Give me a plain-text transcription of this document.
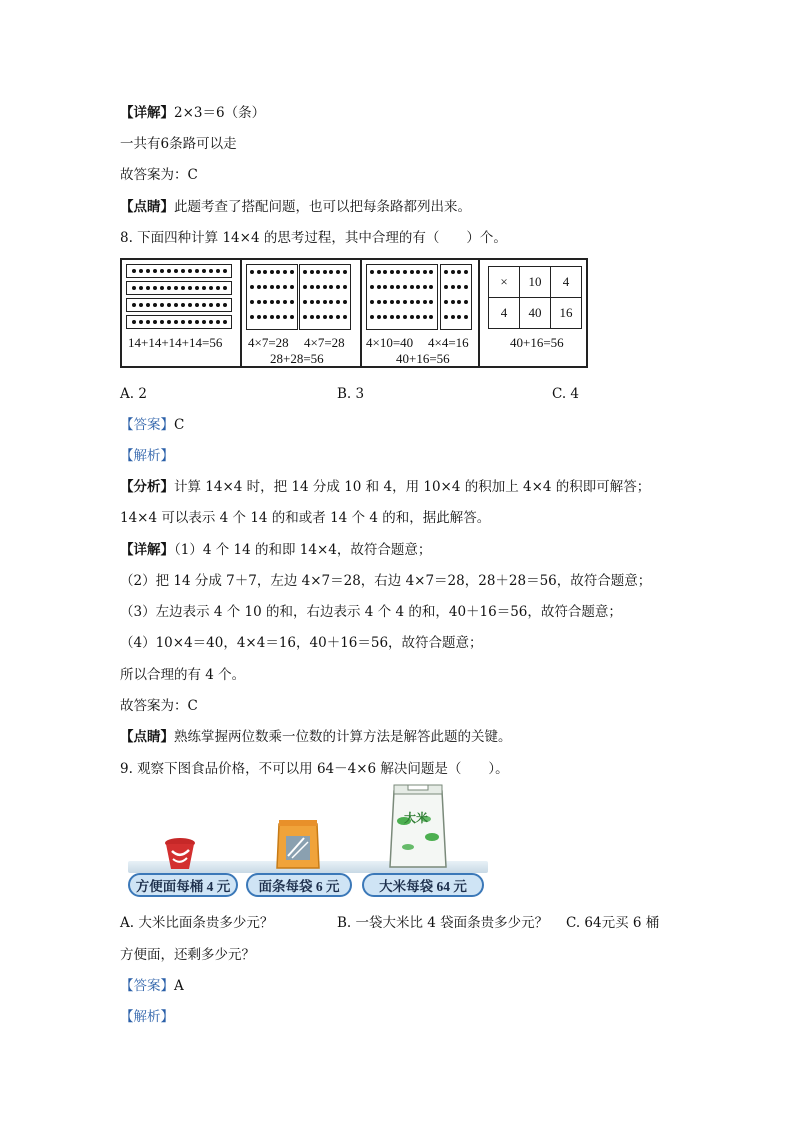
【详解】2×3＝6（条）
一共有6条路可以走
故答案为：C
【点睛】此题考查了搭配问题，也可以把每条路都列出来。
8. 下面四种计算 14×4 的思考过程，其中合理的有（　　）个。
14+14+14+14=56 4×7=28 4×7=28
28+28=56
4×10=40 4×4=16
40+16=56
×	10	4
4	40	16
40+16=56
A. 2	B. 3	C. 4
【答案】C
【解析】
【分析】计算 14×4 时，把 14 分成 10 和 4，用 10×4 的积加上 4×4 的积即可解答；
14×4 可以表示 4 个 14 的和或者 14 个 4 的和，据此解答。
【详解】（1）4 个 14 的和即 14×4，故符合题意；
（2）把 14 分成 7＋7，左边 4×7＝28，右边 4×7＝28，28＋28＝56，故符合题意；
（3）左边表示 4 个 10 的和，右边表示 4 个 4 的和，40＋16＝56，故符合题意；
（4）10×4＝40，4×4＝16，40＋16＝56，故符合题意；
所以合理的有 4 个。
故答案为：C
【点睛】熟练掌握两位数乘一位数的计算方法是解答此题的关键。
9. 观察下图食品价格，不可以用 64－4×6 解决问题是（　　）。
大米
方便面每桶 4 元	面条每袋 6 元	大米每袋 64 元
A. 大米比面条贵多少元？	B. 一袋大米比 4 袋面条贵多少元？ C. 64元买 6 桶
方便面，还剩多少元？
【答案】A
【解析】
